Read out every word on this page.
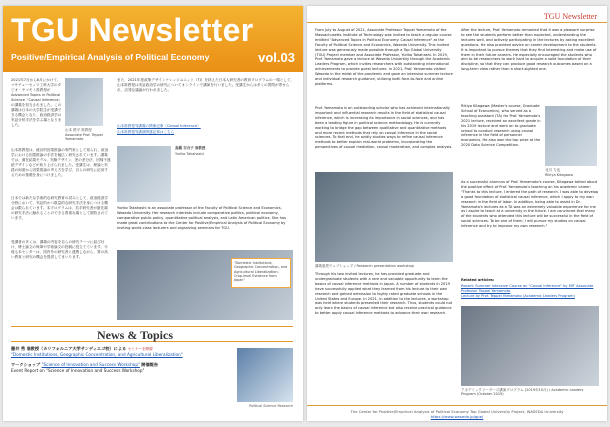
TGU Newsletter
Positive/Empirical Analysis of Political Economy	vol.03
2021年7月から8月にかけて、マサチューセッツ工科大学のタピオ・ヤマモト准教授がAdvanced Topics in Political Science「Causal Inference」の講義を担当されました。この講義は日本の大学院生が受講できる機会となり、政治経済学の実証分析手法を学ぶ場となりました。
山本 鉄平 准教授
Associate Prof. Teppei Yamamoto
山本准教授は、統計的因果推論の専門家として知られ、政治学における因果推論の手法を幅広く研究されています。講義では、潜在結果モデル、実験デザイン、差の差分法、回帰不連続デザインなどが取り上げられました。受講生は、理論と実践の両面から因果推論の考え方を学び、自らの研究に応用するための基礎を身につけました。
また、2021年度政策デザインナレッジユニット（TJ）を終えた日本人研究者の教育プログラムの一環として、山本准教授は実証政治学の研究についてオンラインで講演を行いました。受講生からは多くの質問が寄せられ、活発な議論が行われました。
山本准教授TJ講義の関係記事（Causal Inference）
山本准教授TJ講演関連記事はこちら
高橋 百合子 准教授
Yuriko Takahashi
Yuriko Takahashi is an associate professor of the Faculty of Political Science and Economics, Waseda University. Her research interests include comparative politics, political economy, comparative public policy, quantitative political analysis, and Latin American politics. She has made great contributions to the Center for Positive/Empirical Analysis of Political Economy by inviting world-class lecturers and organizing seminars for TGU.
日本では新たな学術的な研究教育の試みとして、政治経済学分野において、実証的かつ数量的な研究手法を身につける機会は限られています。本プログラムは、若手研究者が最先端の研究手法に触れることのできる貴重な場として期待されています。
受講者の多くは、講義の内容を自らの研究テーマに結び付け、博士論文の執筆や学術論文の投稿に役立てています。今後も本センターは、国内外の研究者と連携しながら、質の高い教育と研究の機会を提供してまいります。
"Domestic Institutions, Geographic Concentration, and Agricultural Liberalization: Crop-level Evidence from Japan"
News & Topics
藤井 秀 准教授（カリフォルニア大学サンディエゴ校）による セミナーを開催
"Domestic Institutions, Geographic Concentration, and Agricultural Liberalization"
ワークショップ "Science of Innovation and Success Workshop" 開催報告
Event Report on "Science of Innovation and Success Workshop"
Political Science Research
TGU Newsletter
From July to August of 2021, Associate Professor Teppei Yamamoto of the Massachusetts Institute of Technology was invited to teach a regular course entitled "Advanced Topics in Political Economy: Causal Inference" at the Faculty of Political Science and Economics, Waseda University. This invited lecture was generously made possible through a Top Global University (TGU) Project member and Associate Professor, Yuriko Takahashi. In 2019, Prof. Yamamoto gave a lecture at Waseda University through the Academic Leaders Program, which invites researchers with outstanding international achievements to provide guest lectures. In 2021, Prof. Yamamoto visited Waseda in the midst of the pandemic and gave an intensive summer lecture and individual research guidance, utilizing both face-to-face and online platforms.
Prof. Yamamoto is an outstanding scholar who has achieved internationally important and influential research results in the field of statistical causal inference, which is increasing its importance in social sciences, and has been a leading figure in political science methodology. He is currently working to bridge the gap between qualitative and quantitative methods and more recent methods that rely on causal inference in the social sciences. To that end, he avidly studies ways to refine causal inference methods to better explain real-world problems, incorporating the perspectives of causal mediation, causal moderation, and complex analysis.
講義風景ウェブショップ / Research presentation workshop
Through his two invited lectures, he has provided graduate and undergraduate students with a rare and valuable opportunity to learn the basics of causal inference methods in Japan. A number of students in 2019 have successfully applied what they learned from his lecture to their own research and gained admission to highly rated graduate schools in the United States and Europe. In 2021, in addition to the lectures, a workshop was held where students presented their research. Thus, students could not only learn the basics of causal inference but also receive practical guidance to better apply causal inference methods to advance their own research.
After the lecture, Prof. Yamamoto remarked that it was a pleasant surprise to see the students perform better than expected, understanding the lectures well, and actively participating in the lectures by asking excellent questions. He also provided advice on career development to the students. It is important to pursue themes that they find interesting and make use of them in their future careers. He especially encouraged the students who aim to be researchers to work hard to acquire a solid foundation of their discipline, so that they can produce good research outcomes based on a long-term view rather than a short-sighted one.
Rikiya Kitagawa (Master's course, Graduate School of Economics), who served as a teaching assistant (TA) for Prof. Yamamoto's 2021 lecture, received an excellent grade in his 2019 lecture and went on to graduate school to conduct research using causal inference in the field of personnel economics. He also won the top prize at the 2020 Data Science Competition.
北川 力也
Rikiya Kitagawa
As a successful alumnus of Prof. Yamamoto's course, Kitagawa talked about the positive effect of Prof. Yamamoto's teaching on his academic career: "Thanks to this lecture, I entered the path of research. I was able to develop a good foundation of statistical causal inference, which I apply to my own research in the field of labor. In addition, being able to assist in Dr. Yamamoto's lectures as a TA was an extremely valuable experience for me as I aspire to teach at a university in the future. I am convinced that many of the students who attended this lecture will be successful in the field of social sciences. To be one of them, I will pursue my studies on causal inference and try to improve my own research."
Related articles:
Report: Summer Intensive Course on "Causal Inference" by MIT Associate Professor Teppei Yamamoto
Lecture by Prof. Teppei Yamamoto (Academic Leaders Program)
アカデミックリーダーズ講演プログラム (2019年10月) / Academic Leaders Program (October 2019)
The Center for Positive/Empirical Analysis of Political Economy Top Global University Project, WASEDA University
https://www.waseda.jp/gpe/
